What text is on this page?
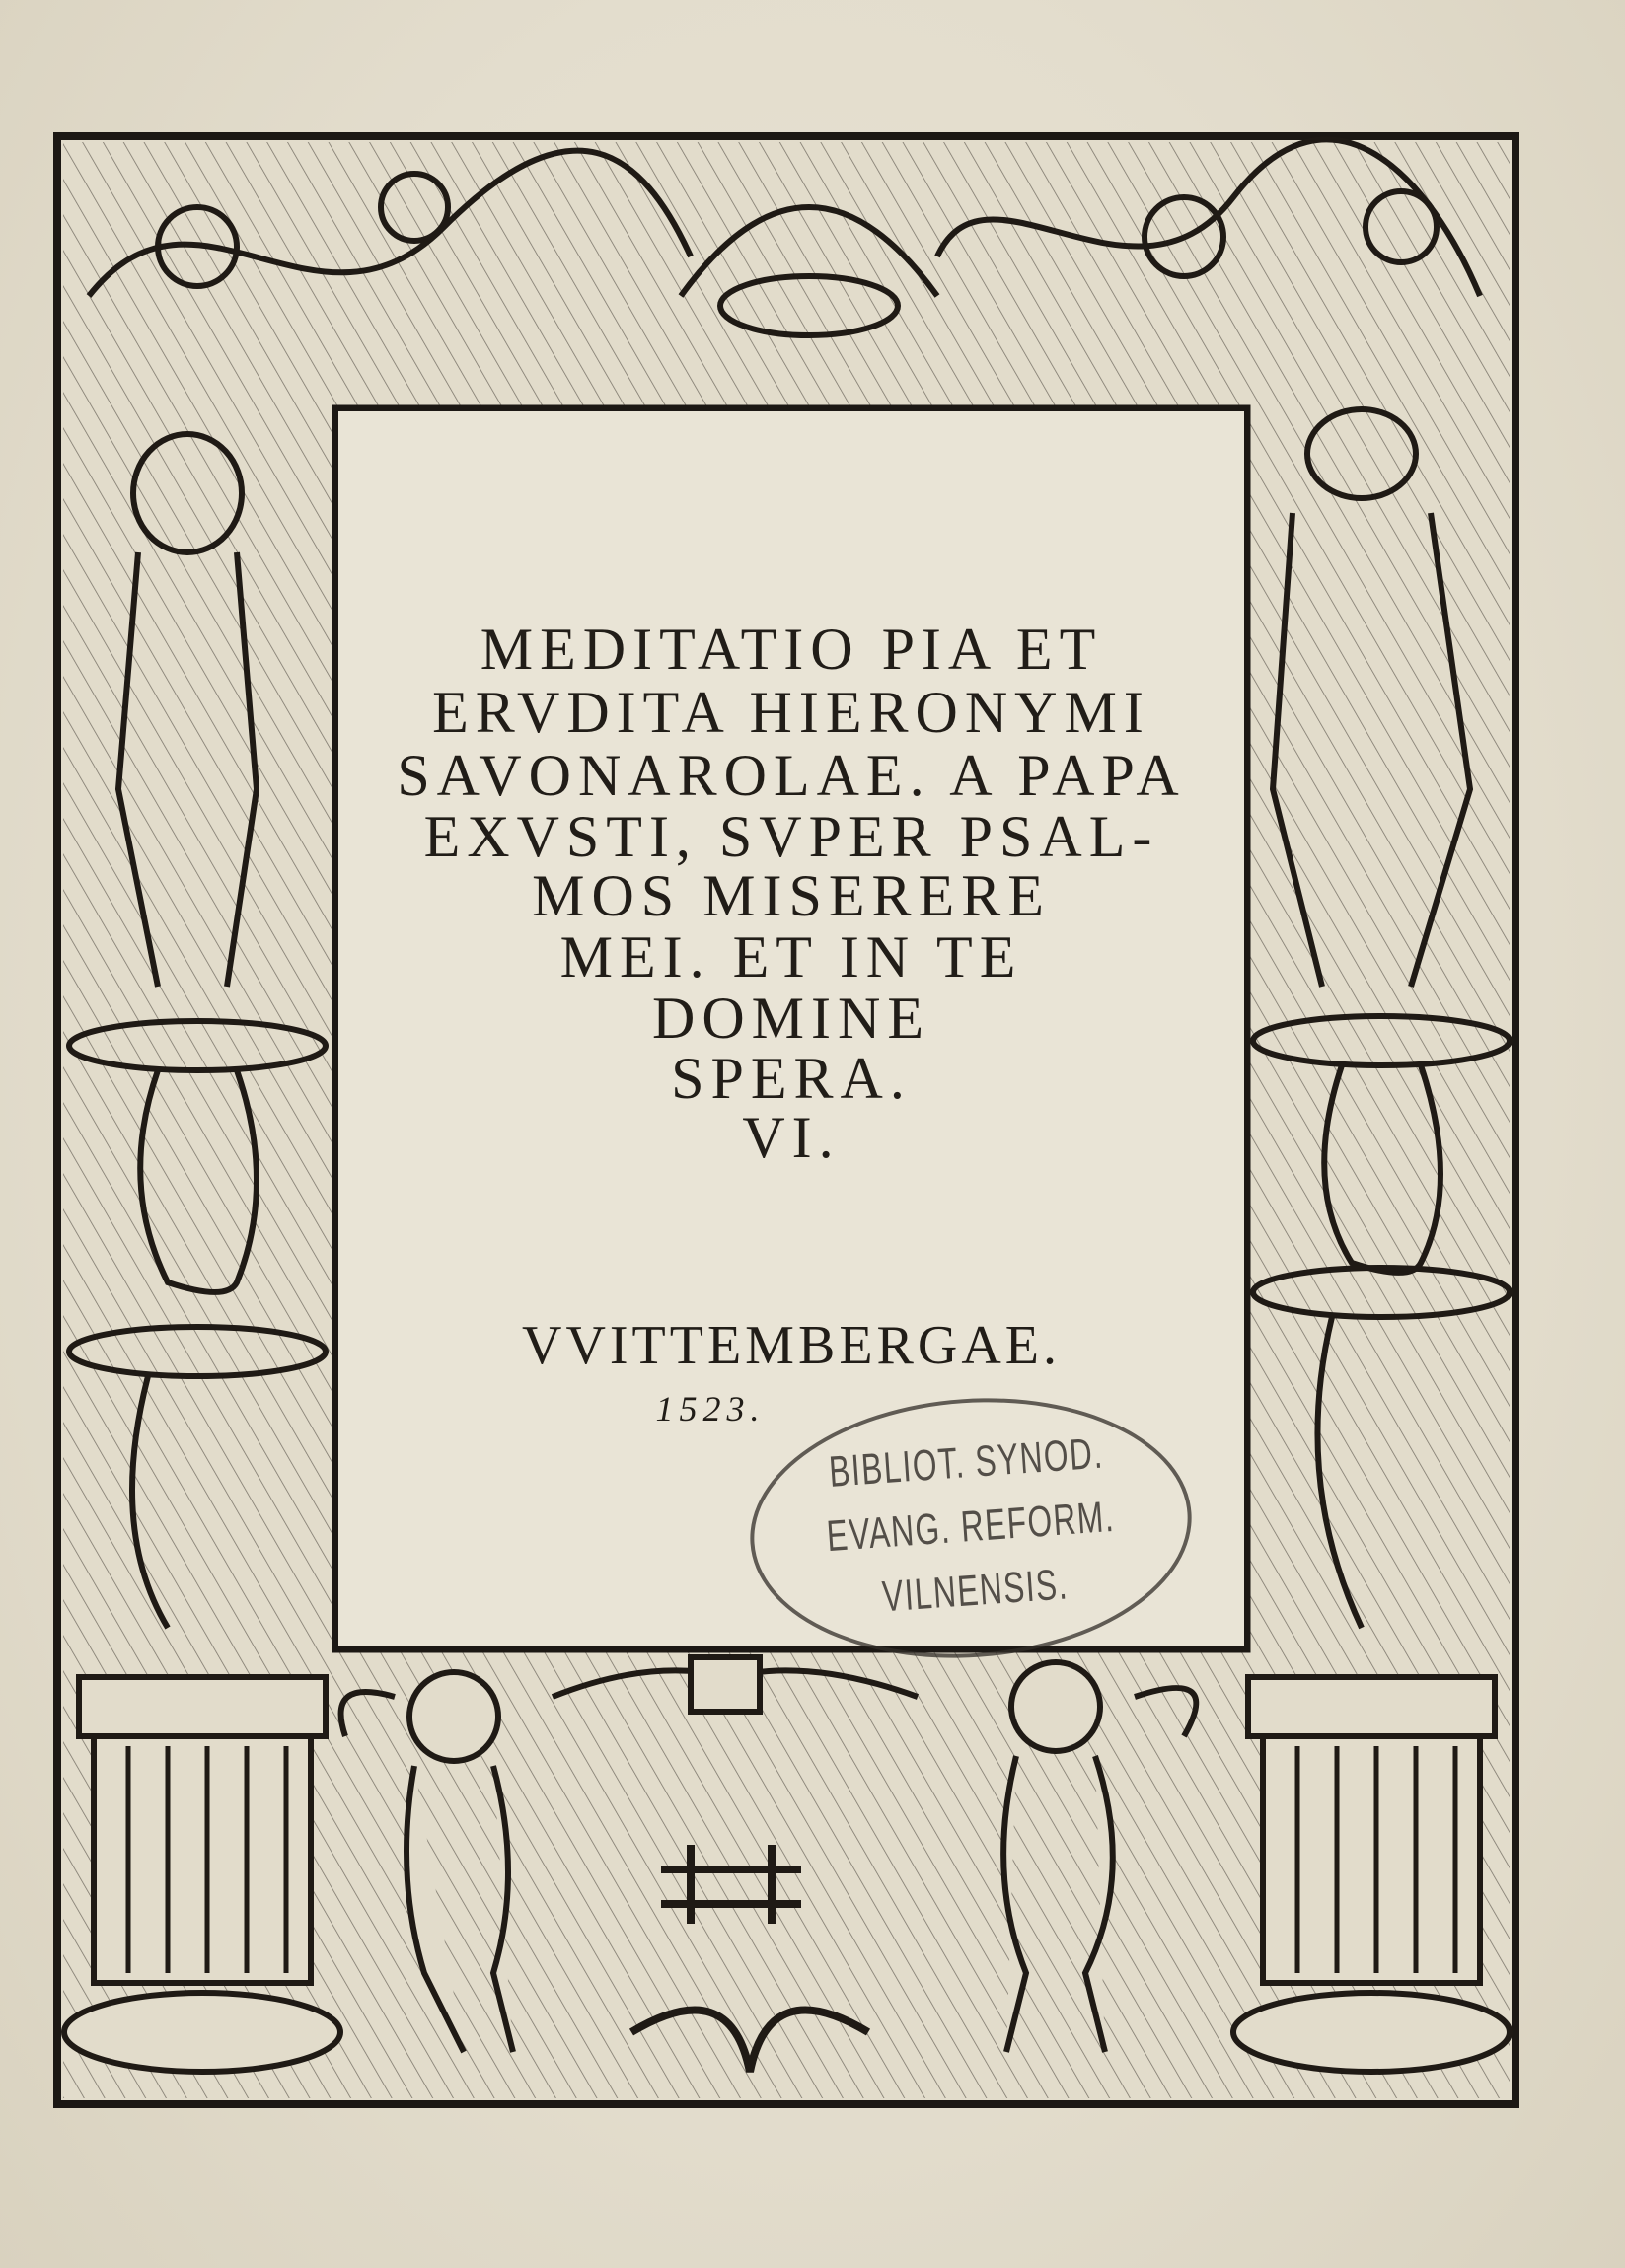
MEDITATIO PIA ET
ERVDITA HIERONYMI
SAVONAROLAE. A PAPA
EXVSTI, SVPER PSAL-
MOS MISERERE
MEI. ET IN TE
DOMINE
SPERA.
VI.
VVITTEMBERGAE.
1523.
BIBLIOT. SYNOD.
EVANG. REFORM.
VILNENSIS.
